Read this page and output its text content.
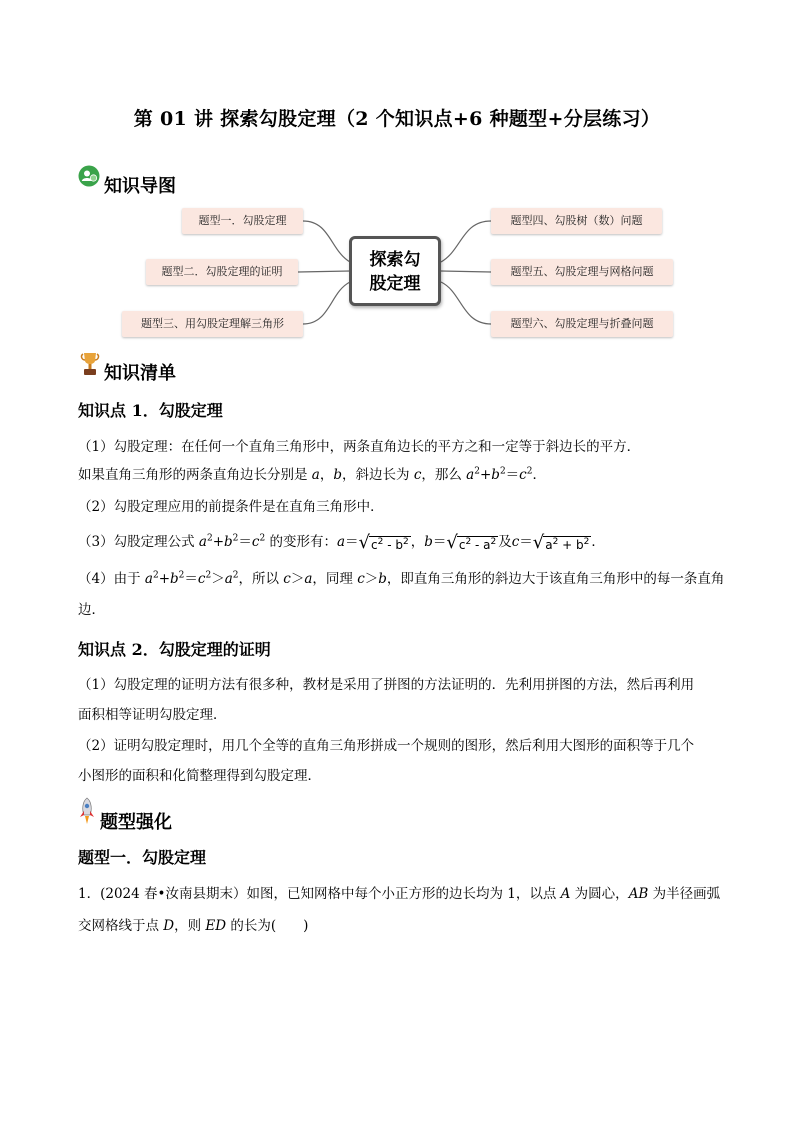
第 01 讲 探索勾股定理（2 个知识点+6 种题型+分层练习）
知识导图
题型一．勾股定理
题型二．勾股定理的证明
题型三、用勾股定理解三角形
题型四、勾股树（数）问题
题型五、勾股定理与网格问题
题型六、勾股定理与折叠问题
探索勾
股定理
知识清单
知识点 1．勾股定理
（1）勾股定理：在任何一个直角三角形中，两条直角边长的平方之和一定等于斜边长的平方．
如果直角三角形的两条直角边长分别是 a，b，斜边长为 c，那么 $a^2+b^2=c^2$．
（2）勾股定理应用的前提条件是在直角三角形中．
（3）勾股定理公式 $a^2+b^2=c^2$ 的变形有：$a=√c^2 - b^2$ ，$b=√c^2 - a^2$ 及$c=√a^2 + b^2$ ．
（4）由于 $a^2+b^2=c^2>a^2$，所以 c＞a，同理 c＞b，即直角三角形的斜边大于该直角三角形中的每一条直角
边．
知识点 2．勾股定理的证明
（1）勾股定理的证明方法有很多种，教材是采用了拼图的方法证明的．先利用拼图的方法，然后再利用
面积相等证明勾股定理．
（2）证明勾股定理时，用几个全等的直角三角形拼成一个规则的图形，然后利用大图形的面积等于几个
小图形的面积和化简整理得到勾股定理．
题型强化
题型一．勾股定理
1．(2024 春•汝南县期末）如图，已知网格中每个小正方形的边长均为 1，以点 A 为圆心，AB 为半径画弧
交网格线于点 D，则 ED 的长为(　　)
